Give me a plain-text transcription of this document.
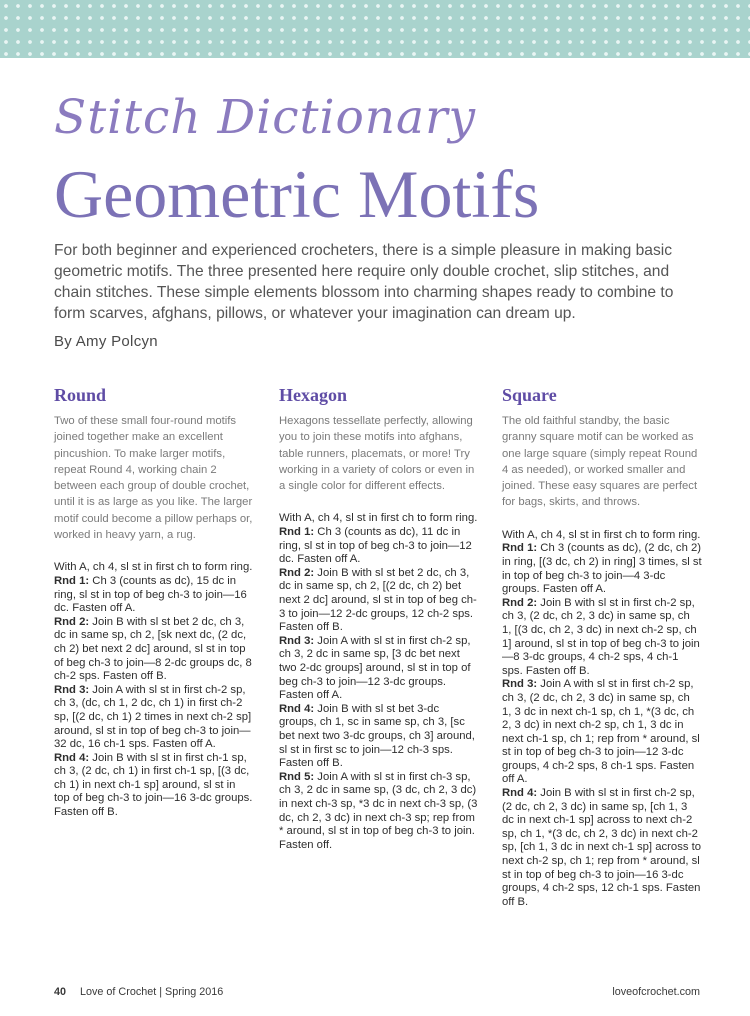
Stitch Dictionary
Geometric Motifs

For both beginner and experienced crocheters, there is a simple pleasure in making basic geometric motifs. The three presented here require only double crochet, slip stitches, and chain stitches. These simple elements blossom into charming shapes ready to combine to form scarves, afghans, pillows, or whatever your imagination can dream up.

By Amy Polcyn
Round

Two of these small four-round motifs joined together make an excellent pincushion. To make larger motifs, repeat Round 4, working chain 2 between each group of double crochet, until it is as large as you like. The larger motif could become a pillow perhaps or, worked in heavy yarn, a rug.

With A, ch 4, sl st in first ch to form ring.

Rnd 1: Ch 3 (counts as dc), 15 dc in ring, sl st in top of beg ch-3 to join—16 dc. Fasten off A.

Rnd 2: Join B with sl st bet 2 dc, ch 3, dc in same sp, ch 2, [sk next dc, (2 dc, ch 2) bet next 2 dc] around, sl st in top of beg ch-3 to join—8 2-dc groups dc, 8 ch-2 sps. Fasten off B.

Rnd 3: Join A with sl st in first ch-2 sp, ch 3, (dc, ch 1, 2 dc, ch 1) in first ch-2 sp, [(2 dc, ch 1) 2 times in next ch-2 sp] around, sl st in top of beg ch-3 to join—32 dc, 16 ch-1 sps. Fasten off A.

Rnd 4: Join B with sl st in first ch-1 sp, ch 3, (2 dc, ch 1) in first ch-1 sp, [(3 dc, ch 1) in next ch-1 sp] around, sl st in top of beg ch-3 to join—16 3-dc groups. Fasten off B.

Hexagon

Hexagons tessellate perfectly, allowing you to join these motifs into afghans, table runners, placemats, or more! Try working in a variety of colors or even in a single color for different effects.

With A, ch 4, sl st in first ch to form ring.

Rnd 1: Ch 3 (counts as dc), 11 dc in ring, sl st in top of beg ch-3 to join—12 dc. Fasten off A.

Rnd 2: Join B with sl st bet 2 dc, ch 3, dc in same sp, ch 2, [(2 dc, ch 2) bet next 2 dc] around, sl st in top of beg ch-3 to join—12 2-dc groups, 12 ch-2 sps. Fasten off B.

Rnd 3: Join A with sl st in first ch-2 sp, ch 3, 2 dc in same sp, [3 dc bet next two 2-dc groups] around, sl st in top of beg ch-3 to join—12 3-dc groups. Fasten off A.

Rnd 4: Join B with sl st bet 3-dc groups, ch 1, sc in same sp, ch 3, [sc bet next two 3-dc groups, ch 3] around, sl st in first sc to join—12 ch-3 sps. Fasten off B.

Rnd 5: Join A with sl st in first ch-3 sp, ch 3, 2 dc in same sp, (3 dc, ch 2, 3 dc) in next ch-3 sp, *3 dc in next ch-3 sp, (3 dc, ch 2, 3 dc) in next ch-3 sp; rep from * around, sl st in top of beg ch-3 to join. Fasten off.

Square

The old faithful standby, the basic granny square motif can be worked as one large square (simply repeat Round 4 as needed), or worked smaller and joined. These easy squares are perfect for bags, skirts, and throws.

With A, ch 4, sl st in first ch to form ring.

Rnd 1: Ch 3 (counts as dc), (2 dc, ch 2) in ring, [(3 dc, ch 2) in ring] 3 times, sl st in top of beg ch-3 to join—4 3-dc groups. Fasten off A.

Rnd 2: Join B with sl st in first ch-2 sp, ch 3, (2 dc, ch 2, 3 dc) in same sp, ch 1, [(3 dc, ch 2, 3 dc) in next ch-2 sp, ch 1] around, sl st in top of beg ch-3 to join—8 3-dc groups, 4 ch-2 sps, 4 ch-1 sps. Fasten off B.

Rnd 3: Join A with sl st in first ch-2 sp, ch 3, (2 dc, ch 2, 3 dc) in same sp, ch 1, 3 dc in next ch-1 sp, ch 1, *(3 dc, ch 2, 3 dc) in next ch-2 sp, ch 1, 3 dc in next ch-1 sp, ch 1; rep from * around, sl st in top of beg ch-3 to join—12 3-dc groups, 4 ch-2 sps, 8 ch-1 sps. Fasten off A.

Rnd 4: Join B with sl st in first ch-2 sp, (2 dc, ch 2, 3 dc) in same sp, [ch 1, 3 dc in next ch-1 sp] across to next ch-2 sp, ch 1, *(3 dc, ch 2, 3 dc) in next ch-2 sp, [ch 1, 3 dc in next ch-1 sp] across to next ch-2 sp, ch 1; rep from * around, sl st in top of beg ch-3 to join—16 3-dc groups, 4 ch-2 sps, 12 ch-1 sps. Fasten off B.

40 Love of Crochet | Spring 2016	loveofcrochet.com
